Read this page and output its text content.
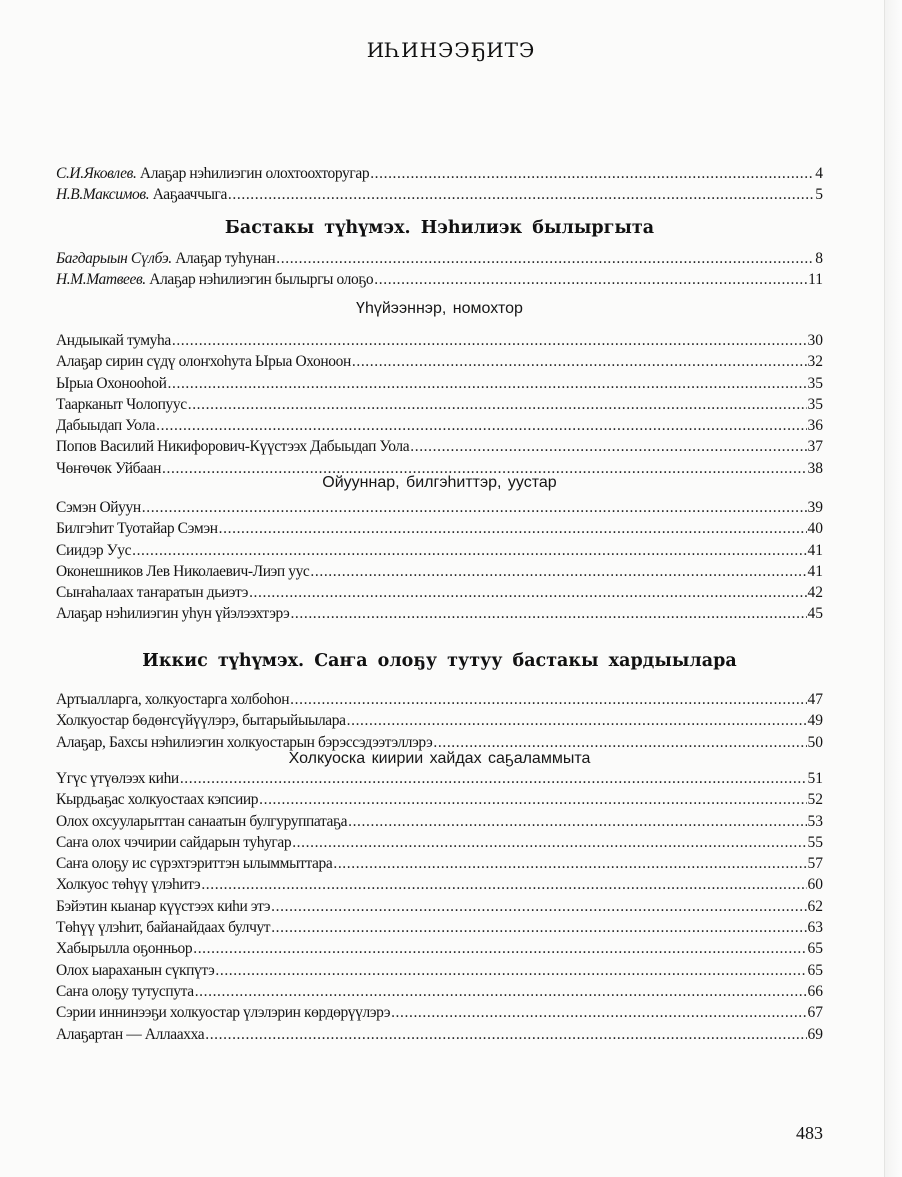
ИҺИНЭЭҔИТЭ
С.И.Яковлев. Алаҕар нэһилиэгин олохтоохторугар .....	4
Н.В.Максимов. Ааҕааччыга .....	5
Бастакы түһүмэх. Нэһилиэк былыргыта
Багдарыын Сүлбэ. Алаҕар туһунан .....	8
Н.М.Матвеев. Алаҕар нэһилиэгин былыргы олоҕо .....	11
Үһүйээннэр, номохтор
Андыыкай тумуһа .....	30
Алаҕар сирин сүдү олоҥхоһута Ырыа Охоноон .....	32
Ырыа Охонооһой .....	35
Таарканыт Чолопуус .....	35
Дабыыдап Уола .....	36
Попов Василий Никифорович-Күүстээх Дабыыдап Уола .....	37
Чөҥөчөк Уйбаан .....	38
Ойууннар, билгэһиттэр, уустар
Сэмэн Ойуун .....	39
Билгэһит Туотайар Сэмэн .....	40
Сиидэр Уус .....	41
Оконешников Лев Николаевич-Лиэп уус .....	41
Сыҥаһалаах таҥаратын дьиэтэ .....	42
Алаҕар нэһилиэгин уһун үйэлээхтэрэ .....	45
Иккис түһүмэх. Саҥа олоҕу тутуу бастакы хардыылара
Артыалларга, холкуостарга холбоһон .....	47
Холкуостар бөдөҥсүйүүлэрэ, бытарыйыылара .....	49
Алаҕар, Бахсы нэһилиэгин холкуостарын бэрэссэдээтэллэрэ .....	50
Холкуоска киирии хайдах саҕаламмыта
Үгүс үтүөлээх киһи .....	51
Кырдьаҕас холкуостаах кэпсиир .....	52
Олох охсууларыттан санаатын булгуруппатаҕа .....	53
Саҥа олох чэчирии сайдарын туһугар .....	55
Саҥа олоҕу ис сүрэхтэриттэн ылыммыттара .....	57
Холкуос төһүү үлэһитэ .....	60
Бэйэтин кыанар күүстээх киһи этэ .....	62
Төһүү үлэһит, байанайдаах булчут .....	63
Хабырылла оҕонньор .....	65
Олох ыараханын сүкпүтэ .....	65
Саҥа олоҕу тутуспута .....	66
Сэрии иннинээҕи холкуостар үлэлэрин көрдөрүүлэрэ .....	67
Алаҕартан — Аллаахха .....	69
483
